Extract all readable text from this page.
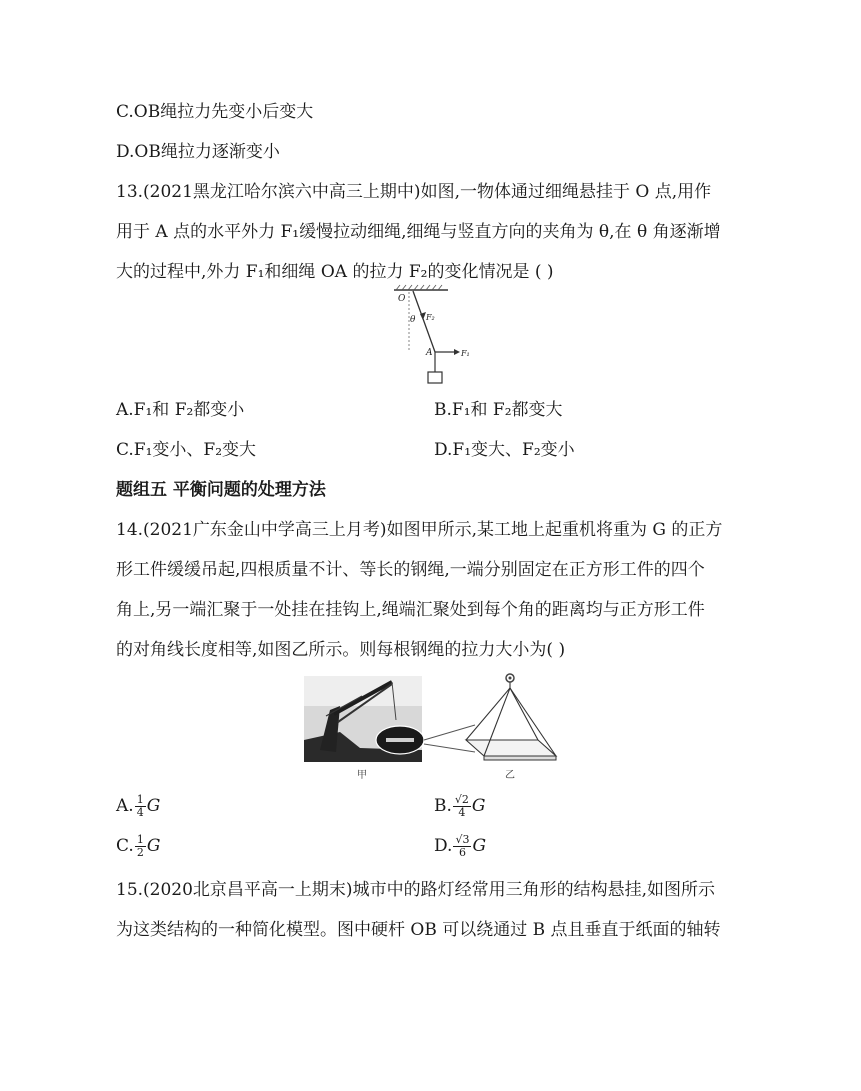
C.OB绳拉力先变小后变大
D.OB绳拉力逐渐变小
13.(2021黑龙江哈尔滨六中高三上期中)如图,一物体通过细绳悬挂于 O 点,用作
用于 A 点的水平外力 F₁缓慢拉动细绳,细绳与竖直方向的夹角为 θ,在 θ 角逐渐增
大的过程中,外力 F₁和细绳 OA 的拉力 F₂的变化情况是 ( )
O
θ F₂
A	F₁
A.F₁和 F₂都变小	B.F₁和 F₂都变大
C.F₁变小、F₂变大	D.F₁变大、F₂变小
题组五 平衡问题的处理方法
14.(2021广东金山中学高三上月考)如图甲所示,某工地上起重机将重为 G 的正方
形工件缓缓吊起,四根质量不计、等长的钢绳,一端分别固定在正方形工件的四个
角上,另一端汇聚于一处挂在挂钩上,绳端汇聚处到每个角的距离均与正方形工件
的对角线长度相等,如图乙所示。则每根钢绳的拉力大小为( )
甲	乙
A. $\frac{1}{4}$ G	B. $\frac{√2}{4}$ G
C. $\frac{1}{2}$ G	D. $\frac{√3}{6}$ G
15.(2020北京昌平高一上期末)城市中的路灯经常用三角形的结构悬挂,如图所示
为这类结构的一种简化模型。图中硬杆 OB 可以绕通过 B 点且垂直于纸面的轴转
